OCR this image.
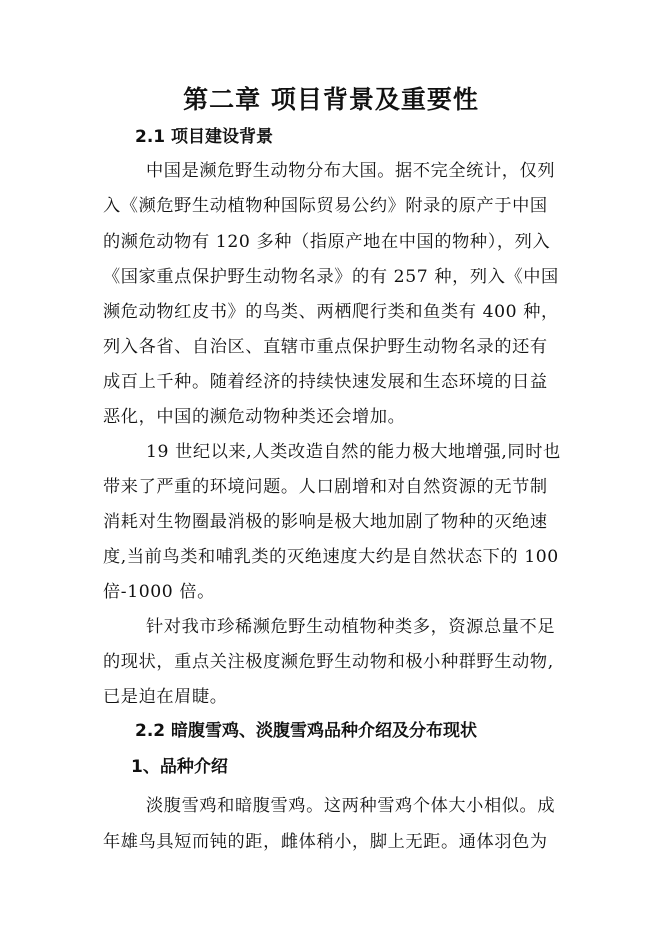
第二章 项目背景及重要性
2.1 项目建设背景
中国是濒危野生动物分布大国。据不完全统计，仅列
入《濒危野生动植物种国际贸易公约》附录的原产于中国
的濒危动物有 120 多种（指原产地在中国的物种），列入
《国家重点保护野生动物名录》的有 257 种，列入《中国
濒危动物红皮书》的鸟类、两栖爬行类和鱼类有 400 种，
列入各省、自治区、直辖市重点保护野生动物名录的还有
成百上千种。随着经济的持续快速发展和生态环境的日益
恶化，中国的濒危动物种类还会增加。
19 世纪以来,人类改造自然的能力极大地增强,同时也
带来了严重的环境问题。人口剧增和对自然资源的无节制
消耗对生物圈最消极的影响是极大地加剧了物种的灭绝速
度,当前鸟类和哺乳类的灭绝速度大约是自然状态下的 100
倍-1000 倍。
针对我市珍稀濒危野生动植物种类多，资源总量不足
的现状，重点关注极度濒危野生动物和极小种群野生动物,
已是迫在眉睫。
2.2 暗腹雪鸡、淡腹雪鸡品种介绍及分布现状
1、品种介绍
淡腹雪鸡和暗腹雪鸡。这两种雪鸡个体大小相似。成
年雄鸟具短而钝的距，雌体稍小，脚上无距。通体羽色为
